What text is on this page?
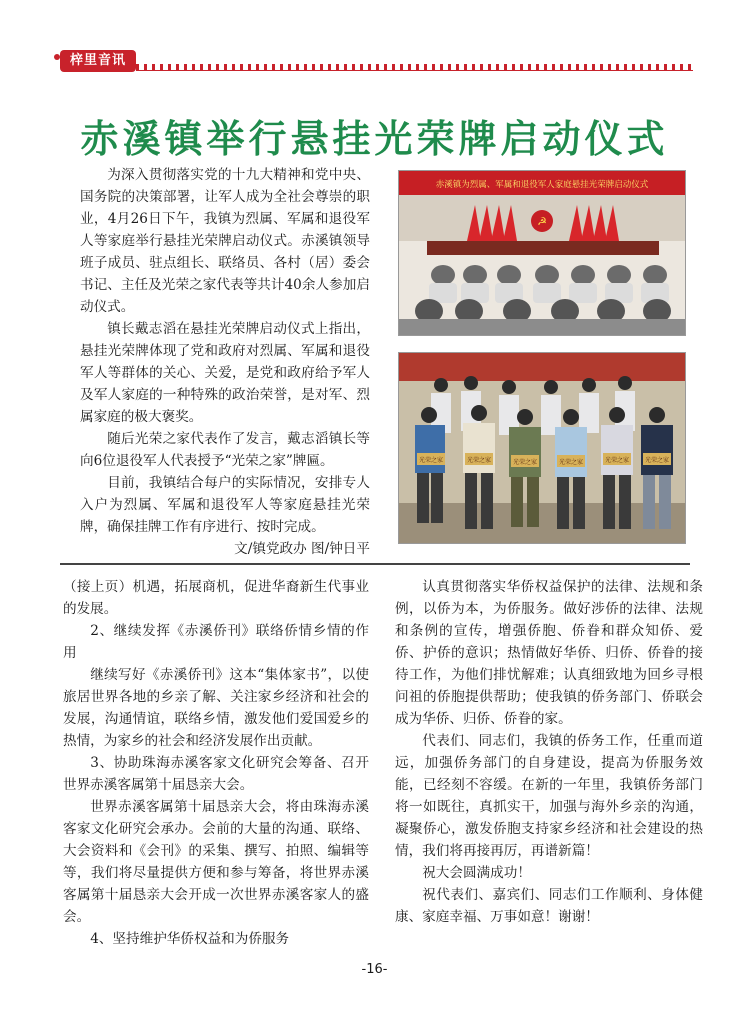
梓里音讯
赤溪镇举行悬挂光荣牌启动仪式

为深入贯彻落实党的十九大精神和党中央、国务院的决策部署，让军人成为全社会尊崇的职业，4月26日下午，我镇为烈属、军属和退役军人等家庭举行悬挂光荣牌启动仪式。赤溪镇领导班子成员、驻点组长、联络员、各村（居）委会书记、主任及光荣之家代表等共计40余人参加启动仪式。

镇长戴志滔在悬挂光荣牌启动仪式上指出，悬挂光荣牌体现了党和政府对烈属、军属和退役军人等群体的关心、关爱，是党和政府给予军人及军人家庭的一种特殊的政治荣誉，是对军、烈属家庭的极大褒奖。

随后光荣之家代表作了发言，戴志滔镇长等向6位退役军人代表授予“光荣之家”牌匾。

目前，我镇结合每户的实际情况，安排专人入户为烈属、军属和退役军人等家庭悬挂光荣牌，确保挂牌工作有序进行、按时完成。

文/镇党政办 图/钟日平

赤溪镇为烈属、军属和退役军人家庭悬挂光荣牌启动仪式
☭
光荣之家	光荣之家	光荣之家	光荣之家	光荣之家	光荣之家

（接上页）机遇，拓展商机，促进华裔新生代事业的发展。

2、继续发挥《赤溪侨刊》联络侨情乡情的作用

继续写好《赤溪侨刊》这本“集体家书”，以使旅居世界各地的乡亲了解、关注家乡经济和社会的发展，沟通情谊，联络乡情，激发他们爱国爱乡的热情，为家乡的社会和经济发展作出贡献。

3、协助珠海赤溪客家文化研究会筹备、召开世界赤溪客属第十届恳亲大会。

世界赤溪客属第十届恳亲大会，将由珠海赤溪客家文化研究会承办。会前的大量的沟通、联络、大会资料和《会刊》的采集、撰写、拍照、编辑等等，我们将尽量提供方便和参与筹备，将世界赤溪客属第十届恳亲大会开成一次世界赤溪客家人的盛会。

4、坚持维护华侨权益和为侨服务

认真贯彻落实华侨权益保护的法律、法规和条例，以侨为本，为侨服务。做好涉侨的法律、法规和条例的宣传，增强侨胞、侨眷和群众知侨、爱侨、护侨的意识；热情做好华侨、归侨、侨眷的接待工作，为他们排忧解难；认真细致地为回乡寻根问祖的侨胞提供帮助；使我镇的侨务部门、侨联会成为华侨、归侨、侨眷的家。

代表们、同志们，我镇的侨务工作，任重而道远，加强侨务部门的自身建设，提高为侨服务效能，已经刻不容缓。在新的一年里，我镇侨务部门将一如既往，真抓实干，加强与海外乡亲的沟通，凝聚侨心，激发侨胞支持家乡经济和社会建设的热情，我们将再接再厉，再谱新篇！

祝大会圆满成功！

祝代表们、嘉宾们、同志们工作顺利、身体健康、家庭幸福、万事如意！谢谢！

-16-
